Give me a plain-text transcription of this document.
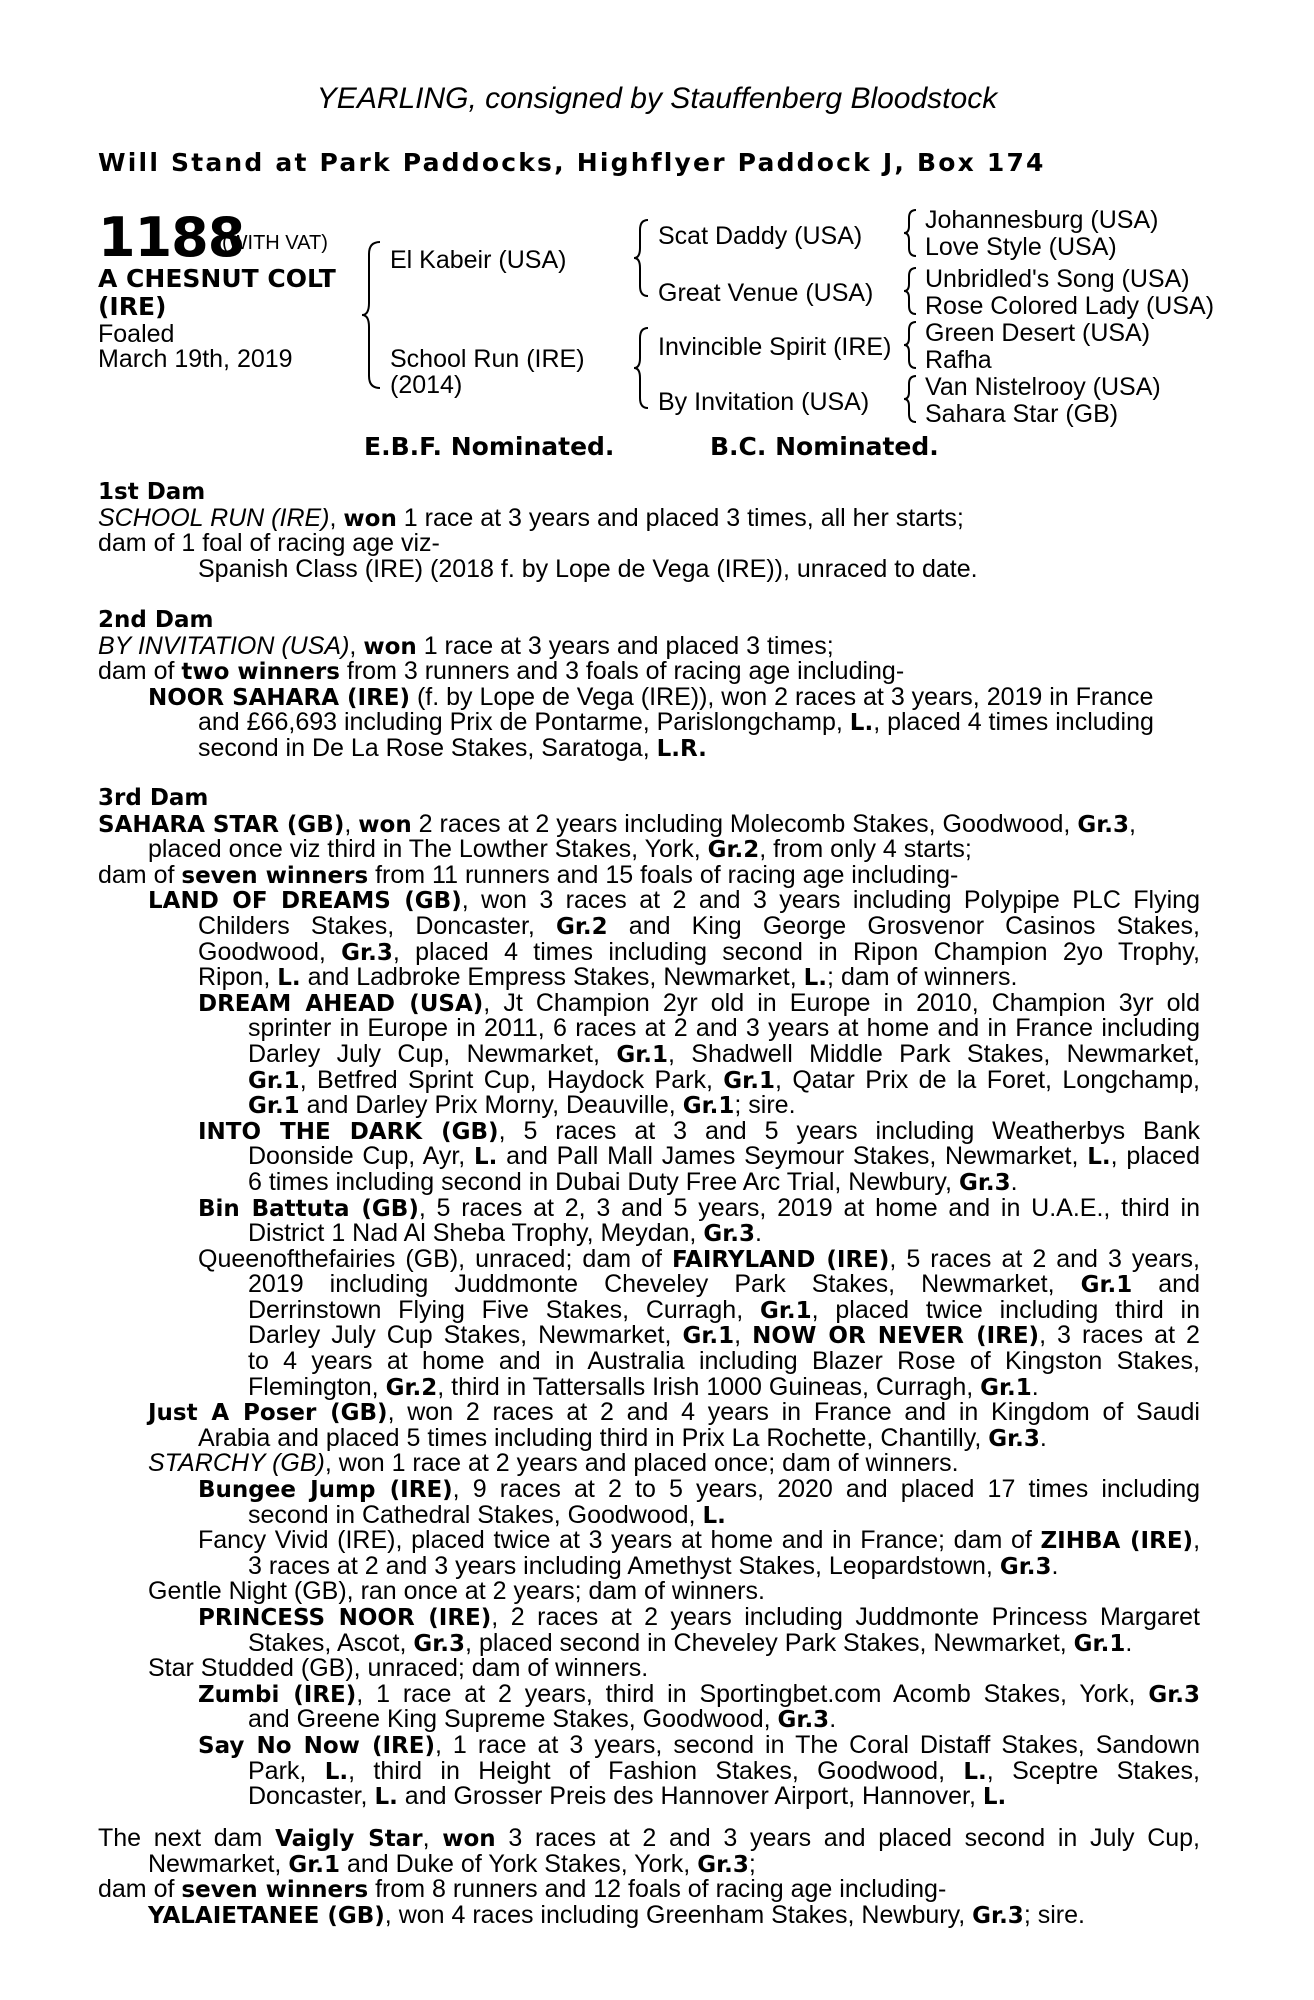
YEARLING, consigned by Stauffenberg Bloodstock
Will Stand at Park Paddocks, Highflyer Paddock J, Box 174
1188
(WITH VAT)
A CHESNUT COLT
(IRE)
Foaled
March 19th, 2019
El Kabeir (USA)
School Run (IRE)
(2014)
Scat Daddy (USA)
Great Venue (USA)
Invincible Spirit (IRE)
By Invitation (USA)
Johannesburg (USA)
Love Style (USA)
Unbridled's Song (USA)
Rose Colored Lady (USA)
Green Desert (USA)
Rafha
Van Nistelrooy (USA)
Sahara Star (GB)
E.B.F. Nominated.	B.C. Nominated.
1st Dam
SCHOOL RUN (IRE), won 1 race at 3 years and placed 3 times, all her starts;
dam of 1 foal of racing age viz-
Spanish Class (IRE) (2018 f. by Lope de Vega (IRE)), unraced to date.
2nd Dam
BY INVITATION (USA), won 1 race at 3 years and placed 3 times;
dam of two winners from 3 runners and 3 foals of racing age including-
NOOR SAHARA (IRE) (f. by Lope de Vega (IRE)), won 2 races at 3 years, 2019 in France
and £66,693 including Prix de Pontarme, Parislongchamp, L., placed 4 times including
second in De La Rose Stakes, Saratoga, L.R.
3rd Dam
SAHARA STAR (GB), won 2 races at 2 years including Molecomb Stakes, Goodwood, Gr.3,
placed once viz third in The Lowther Stakes, York, Gr.2, from only 4 starts;
dam of seven winners from 11 runners and 15 foals of racing age including-
LAND OF DREAMS (GB), won 3 races at 2 and 3 years including Polypipe PLC Flying
Childers Stakes, Doncaster, Gr.2 and King George Grosvenor Casinos Stakes,
Goodwood, Gr.3, placed 4 times including second in Ripon Champion 2yo Trophy,
Ripon, L. and Ladbroke Empress Stakes, Newmarket, L.; dam of winners.
DREAM AHEAD (USA), Jt Champion 2yr old in Europe in 2010, Champion 3yr old
sprinter in Europe in 2011, 6 races at 2 and 3 years at home and in France including
Darley July Cup, Newmarket, Gr.1, Shadwell Middle Park Stakes, Newmarket,
Gr.1, Betfred Sprint Cup, Haydock Park, Gr.1, Qatar Prix de la Foret, Longchamp,
Gr.1 and Darley Prix Morny, Deauville, Gr.1; sire.
INTO THE DARK (GB), 5 races at 3 and 5 years including Weatherbys Bank
Doonside Cup, Ayr, L. and Pall Mall James Seymour Stakes, Newmarket, L., placed
6 times including second in Dubai Duty Free Arc Trial, Newbury, Gr.3.
Bin Battuta (GB), 5 races at 2, 3 and 5 years, 2019 at home and in U.A.E., third in
District 1 Nad Al Sheba Trophy, Meydan, Gr.3.
Queenofthefairies (GB), unraced; dam of FAIRYLAND (IRE), 5 races at 2 and 3 years,
2019 including Juddmonte Cheveley Park Stakes, Newmarket, Gr.1 and
Derrinstown Flying Five Stakes, Curragh, Gr.1, placed twice including third in
Darley July Cup Stakes, Newmarket, Gr.1, NOW OR NEVER (IRE), 3 races at 2
to 4 years at home and in Australia including Blazer Rose of Kingston Stakes,
Flemington, Gr.2, third in Tattersalls Irish 1000 Guineas, Curragh, Gr.1.
Just A Poser (GB), won 2 races at 2 and 4 years in France and in Kingdom of Saudi
Arabia and placed 5 times including third in Prix La Rochette, Chantilly, Gr.3.
STARCHY (GB), won 1 race at 2 years and placed once; dam of winners.
Bungee Jump (IRE), 9 races at 2 to 5 years, 2020 and placed 17 times including
second in Cathedral Stakes, Goodwood, L.
Fancy Vivid (IRE), placed twice at 3 years at home and in France; dam of ZIHBA (IRE),
3 races at 2 and 3 years including Amethyst Stakes, Leopardstown, Gr.3.
Gentle Night (GB), ran once at 2 years; dam of winners.
PRINCESS NOOR (IRE), 2 races at 2 years including Juddmonte Princess Margaret
Stakes, Ascot, Gr.3, placed second in Cheveley Park Stakes, Newmarket, Gr.1.
Star Studded (GB), unraced; dam of winners.
Zumbi (IRE), 1 race at 2 years, third in Sportingbet.com Acomb Stakes, York, Gr.3
and Greene King Supreme Stakes, Goodwood, Gr.3.
Say No Now (IRE), 1 race at 3 years, second in The Coral Distaff Stakes, Sandown
Park, L., third in Height of Fashion Stakes, Goodwood, L., Sceptre Stakes,
Doncaster, L. and Grosser Preis des Hannover Airport, Hannover, L.
The next dam Vaigly Star, won 3 races at 2 and 3 years and placed second in July Cup,
Newmarket, Gr.1 and Duke of York Stakes, York, Gr.3;
dam of seven winners from 8 runners and 12 foals of racing age including-
YALAIETANEE (GB), won 4 races including Greenham Stakes, Newbury, Gr.3; sire.
